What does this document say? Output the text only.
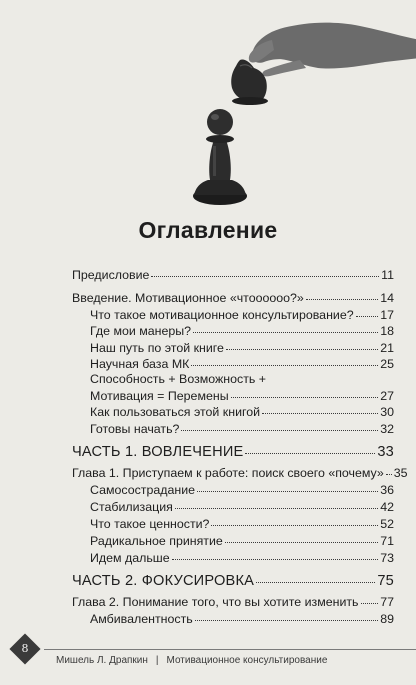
Оглавление
Предисловие	11
Введение. Мотивационное «чтоооооо?»	14
Что такое мотивационное консультирование? 17
Где мои манеры?	18
Наш путь по этой книге	21
Научная база МК	25
Способность + Возможность +
Мотивация = Перемены	27
Как пользоваться этой книгой	30
Готовы начать?	32
ЧАСТЬ 1. ВОВЛЕЧЕНИЕ	33
Глава 1. Приступаем к работе: поиск своего «почему» 35
Самосострадание	36
Стабилизация	42
Что такое ценности?	52
Радикальное принятие	71
Идем дальше	73
ЧАСТЬ 2. ФОКУСИРОВКА	75
Глава 2. Понимание того, что вы хотите изменить 77
Амбивалентность	89
8
Мишель Л. Драпкин | Мотивационное консультирование
